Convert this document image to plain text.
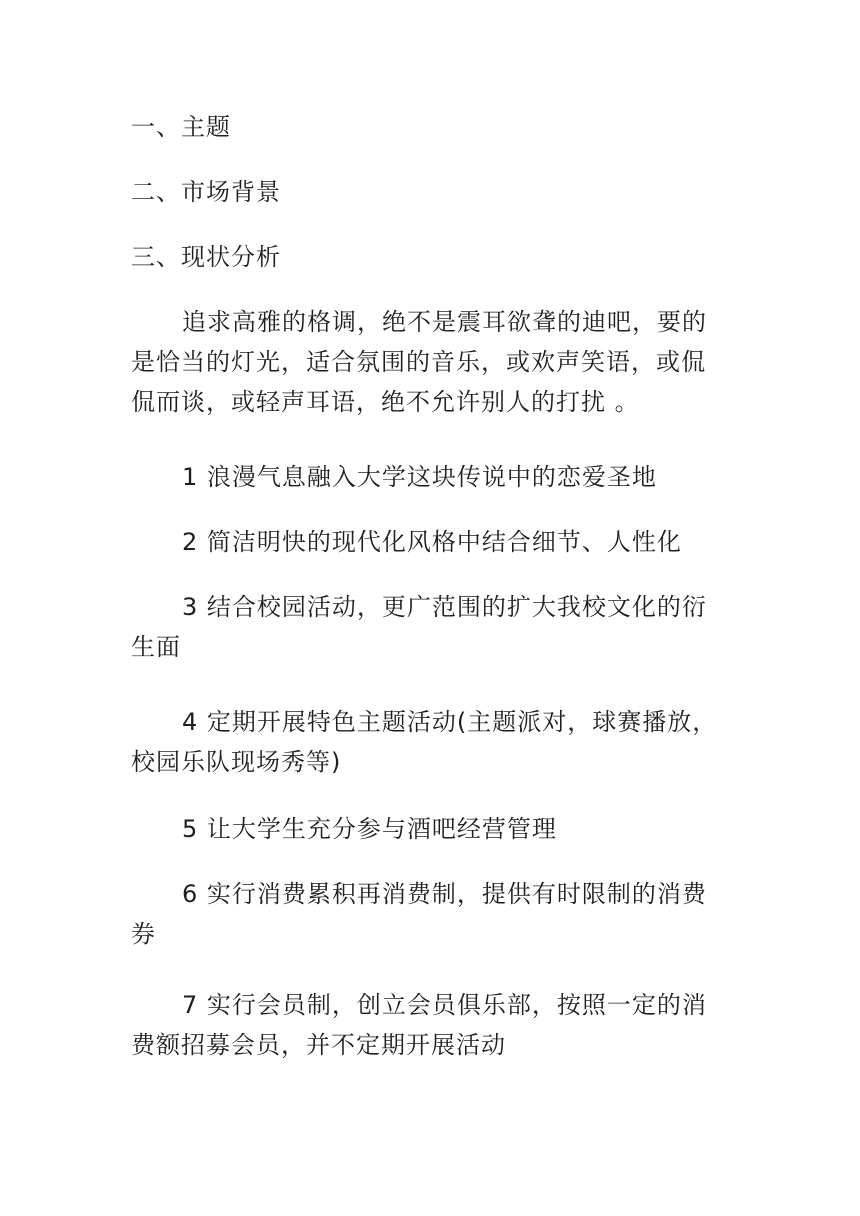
一、主题
二、市场背景
三、现状分析
追求高雅的格调，绝不是震耳欲聋的迪吧，要的
是恰当的灯光，适合氛围的音乐，或欢声笑语，或侃
侃而谈，或轻声耳语，绝不允许别人的打扰 。
1 浪漫气息融入大学这块传说中的恋爱圣地
2 简洁明快的现代化风格中结合细节、人性化
3 结合校园活动，更广范围的扩大我校文化的衍
生面
4 定期开展特色主题活动(主题派对，球赛播放，
校园乐队现场秀等)
5 让大学生充分参与酒吧经营管理
6 实行消费累积再消费制，提供有时限制的消费
券
7 实行会员制，创立会员俱乐部，按照一定的消
费额招募会员，并不定期开展活动
